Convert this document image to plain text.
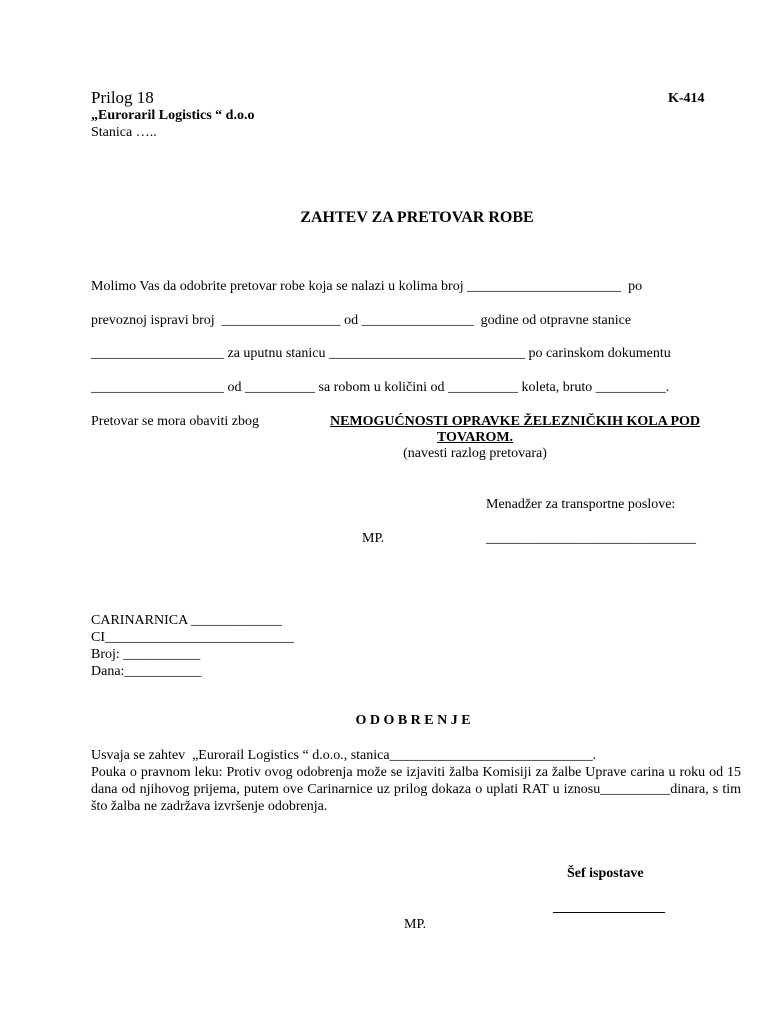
Prilog 18	K-414
„Euroraril Logistics “ d.o.o
Stanica …..
ZAHTEV ZA PRETOVAR ROBE
Molimo Vas da odobrite pretovar robe koja se nalazi u kolima broj ______________________  po
prevoznoj ispravi broj  _________________ od ________________  godine od otpravne stanice
___________________ za uputnu stanicu ____________________________ po carinskom dokumentu
___________________ od __________ sa robom u količini od __________ koleta, bruto __________.
Pretovar se mora obaviti zbog	NEMOGUĆNOSTI OPRAVKE ŽELEZNIČKIH KOLA POD
TOVAROM.
(navesti razlog pretovara)
Menadžer za transportne poslove:
MP.	______________________________
CARINARNICA _____________
CI___________________________
Broj: ___________
Dana:___________
O D O B R E N J E
Usvaja se zahtev  „Eurorail Logistics “ d.o.o., stanica_____________________________.
Pouka o pravnom leku: Protiv ovog odobrenja može se izjaviti žalba Komisiji za žalbe Uprave carina u roku od 15 dana od njihovog prijema, putem ove Carinarnice uz prilog dokaza o uplati RAT u iznosu__________dinara, s tim što žalba ne zadržava izvršenje odobrenja.
Šef ispostave
________________
MP.
